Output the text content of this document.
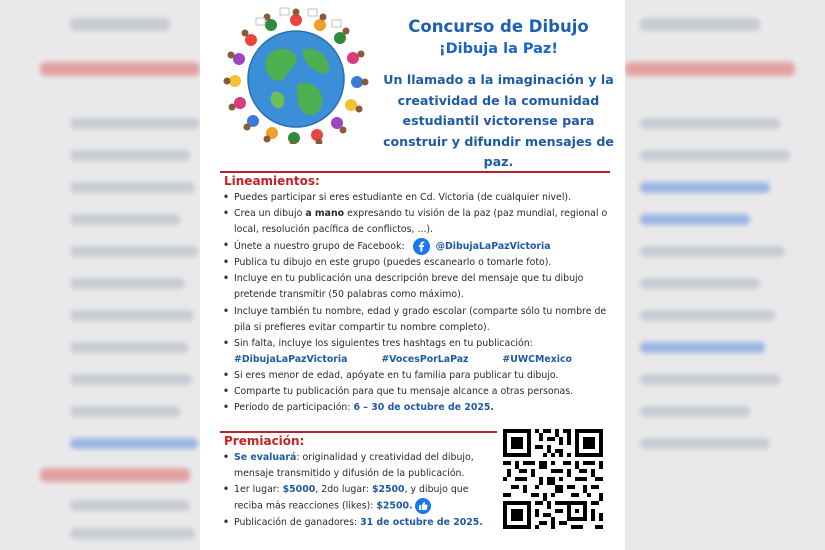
Concurso de Dibujo
¡Dibuja la Paz!
Un llamado a la imaginación y la creatividad de la comunidad estudiantil victorense para construir y difundir mensajes de paz.
Lineamientos:
• Puedes participar si eres estudiante en Cd. Victoria (de cualquier nivel).
• Crea un dibujo a mano expresando tu visión de la paz (paz mundial, regional o local, resolución pacífica de conflictos, ...).
• Únete a nuestro grupo de Facebook:	@DibujaLaPazVictoria
• Publica tu dibujo en este grupo (puedes escanearlo o tomarle foto).
• Incluye en tu publicación una descripción breve del mensaje que tu dibujo pretende transmitir (50 palabras como máximo).
• Incluye también tu nombre, edad y grado escolar (comparte sólo tu nombre de pila si prefieres evitar compartir tu nombre completo).
• Sin falta, incluye los siguientes tres hashtags en tu publicación:
#DibujaLaPazVictoria	#VocesPorLaPaz	#UWCMexico
• Si eres menor de edad, apóyate en tu familia para publicar tu dibujo.
• Comparte tu publicación para que tu mensaje alcance a otras personas.
• Periodo de participación: 6 – 30 de octubre de 2025.
Premiación:
• Se evaluará: originalidad y creatividad del dibujo, mensaje transmitido y difusión de la publicación.
• 1er lugar: $5000, 2do lugar: $2500, y dibujo que reciba más reacciones (likes): $2500.
• Publicación de ganadores: 31 de octubre de 2025.
